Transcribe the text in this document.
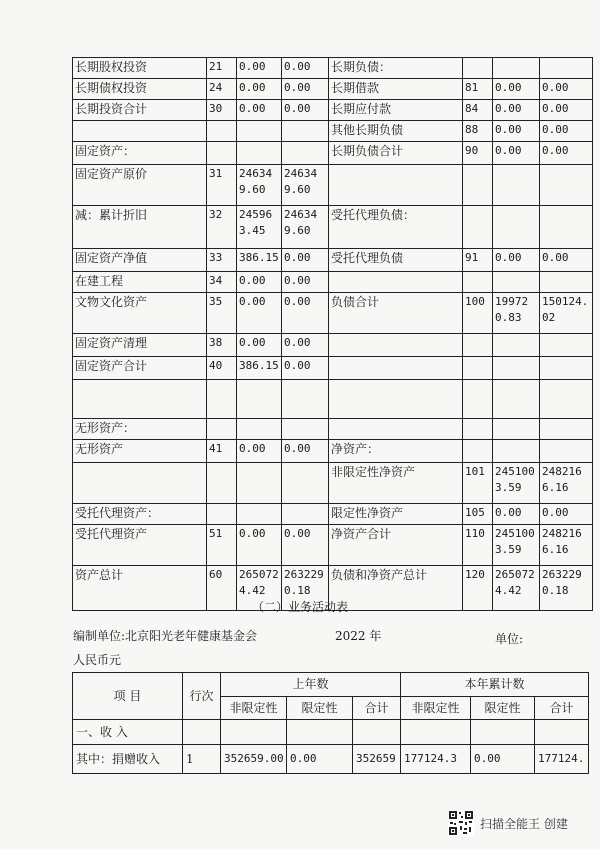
长期股权投资	21	0.00	0.00	长期负债：			
长期债权投资	24	0.00	0.00	长期借款	81	0.00	0.00
长期投资合计	30	0.00	0.00	长期应付款	84	0.00	0.00
				其他长期负债	88	0.00	0.00
固定资产：				长期负债合计	90	0.00	0.00
固定资产原价	31	246349.60	246349.60				
减：累计折旧	32	245963.45	246349.60	受托代理负债：			
固定资产净值	33	386.15	0.00	受托代理负债	91	0.00	0.00
在建工程	34	0.00	0.00				
文物文化资产	35	0.00	0.00	负债合计	100	199720.83	150124.02
固定资产清理	38	0.00	0.00				
固定资产合计	40	386.15	0.00				

无形资产：							
无形资产	41	0.00	0.00	净资产：			
				非限定性净资产	101	2451003.59	2482166.16
受托代理资产：				限定性净资产	105	0.00	0.00
受托代理资产	51	0.00	0.00	净资产合计	110	2451003.59	2482166.16
资产总计	60	2650724.42	2632290.18	负债和净资产总计	120	2650724.42	2632290.18
（二）业务活动表
编制单位:北京阳光老年健康基金会	2022 年	单位:
人民币元
项 目	行次	上年数			本年累计数		
		非限定性	限定性	合计	非限定性	限定性	合计
一、收 入							
其中：捐赠收入	1	352659.00	0.00	352659	177124.3	0.00	177124.
扫描全能王 创建
